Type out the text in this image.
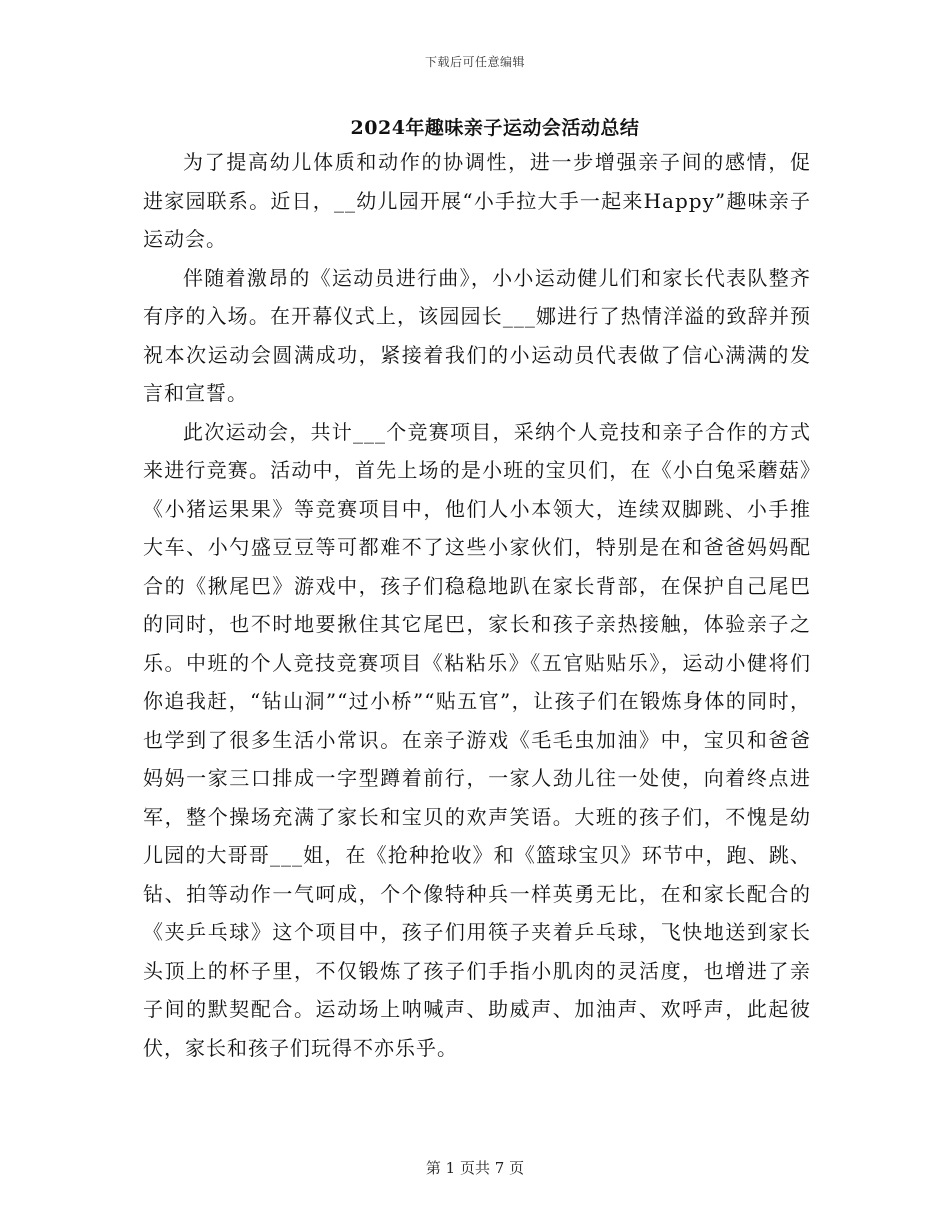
下载后可任意编辑
2024年趣味亲子运动会活动总结

为了提高幼儿体质和动作的协调性，进一步增强亲子间的感情，促进家园联系。近日，__幼儿园开展“小手拉大手一起来Happy”趣味亲子运动会。

伴随着激昂的《运动员进行曲》，小小运动健儿们和家长代表队整齐有序的入场。在开幕仪式上，该园园长___娜进行了热情洋溢的致辞并预祝本次运动会圆满成功，紧接着我们的小运动员代表做了信心满满的发言和宣誓。

此次运动会，共计___个竞赛项目，采纳个人竞技和亲子合作的方式来进行竞赛。活动中，首先上场的是小班的宝贝们，在《小白兔采蘑菇》《小猪运果果》等竞赛项目中，他们人小本领大，连续双脚跳、小手推大车、小勺盛豆豆等可都难不了这些小家伙们，特别是在和爸爸妈妈配合的《揪尾巴》游戏中，孩子们稳稳地趴在家长背部，在保护自己尾巴的同时，也不时地要揪住其它尾巴，家长和孩子亲热接触，体验亲子之乐。中班的个人竞技竞赛项目《粘粘乐》《五官贴贴乐》，运动小健将们你追我赶，“钻山洞”“过小桥”“贴五官”，让孩子们在锻炼身体的同时，也学到了很多生活小常识。在亲子游戏《毛毛虫加油》中，宝贝和爸爸妈妈一家三口排成一字型蹲着前行，一家人劲儿往一处使，向着终点进军，整个操场充满了家长和宝贝的欢声笑语。大班的孩子们，不愧是幼儿园的大哥哥___姐，在《抢种抢收》和《篮球宝贝》环节中，跑、跳、钻、拍等动作一气呵成，个个像特种兵一样英勇无比，在和家长配合的《夹乒乓球》这个项目中，孩子们用筷子夹着乒乓球，飞快地送到家长头顶上的杯子里，不仅锻炼了孩子们手指小肌肉的灵活度，也增进了亲子间的默契配合。运动场上呐喊声、助威声、加油声、欢呼声，此起彼伏，家长和孩子们玩得不亦乐乎。

第 1 页共 7 页
